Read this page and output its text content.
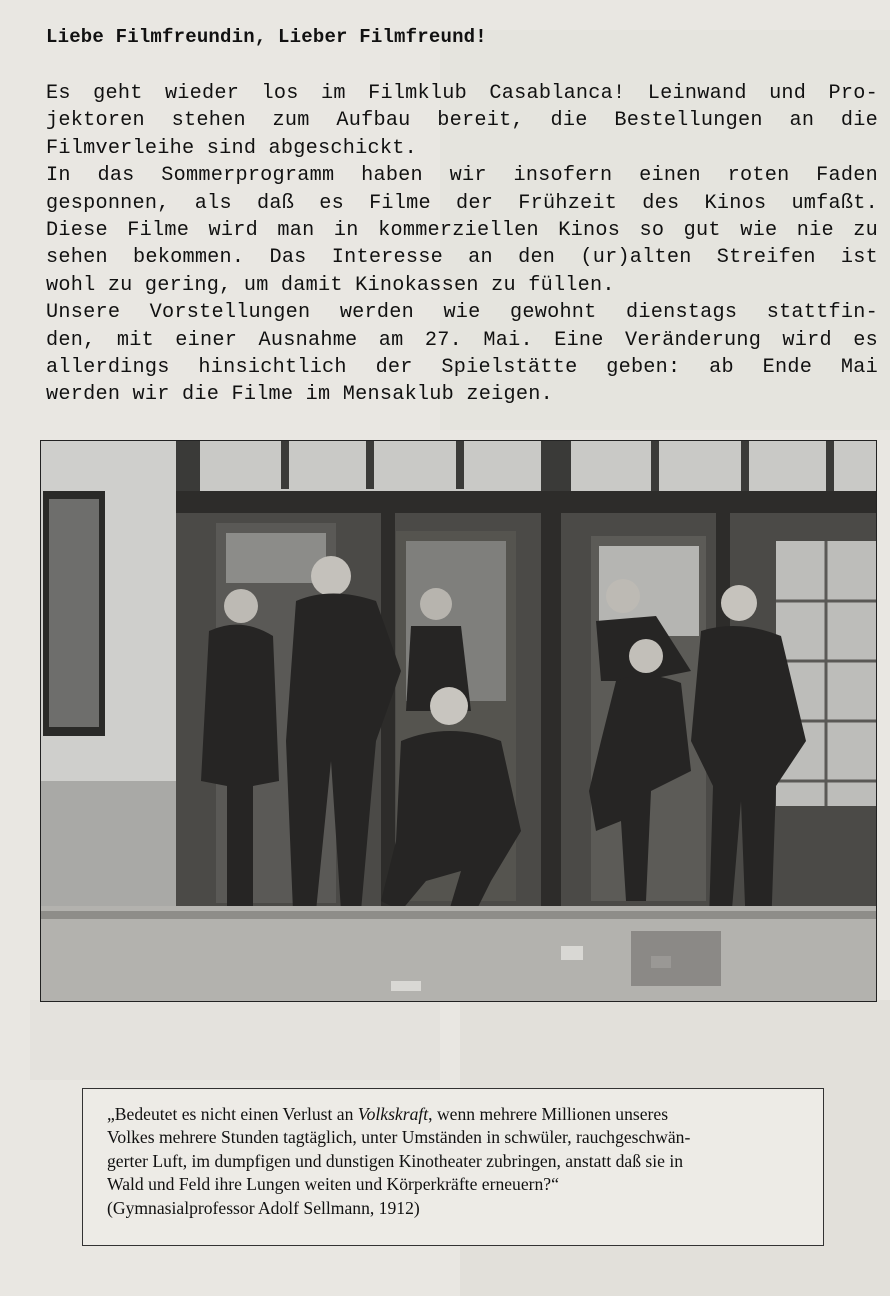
Liebe Filmfreundin, Lieber Filmfreund!
Es geht wieder los im Filmklub Casablanca! Leinwand und Pro-
jektoren stehen zum Aufbau bereit, die Bestellungen an die
Filmverleihe sind abgeschickt.
In das Sommerprogramm haben wir insofern einen roten Faden
gesponnen, als daß es Filme der Frühzeit des Kinos umfaßt.
Diese Filme wird man in kommerziellen Kinos so gut wie nie zu
sehen bekommen. Das Interesse an den (ur)alten Streifen ist
wohl zu gering, um damit Kinokassen zu füllen.
Unsere Vorstellungen werden wie gewohnt dienstags stattfin-
den, mit einer Ausnahme am 27. Mai. Eine Veränderung wird es
allerdings hinsichtlich der Spielstätte geben: ab Ende Mai
werden wir die Filme im Mensaklub zeigen.
„Bedeutet es nicht einen Verlust an Volkskraft, wenn mehrere Millionen unseres
Volkes mehrere Stunden tagtäglich, unter Umständen in schwüler, rauchgeschwän-
gerter Luft, im dumpfigen und dunstigen Kinotheater zubringen, anstatt daß sie in
Wald und Feld ihre Lungen weiten und Körperkräfte erneuern?“
(Gymnasialprofessor Adolf Sellmann, 1912)
